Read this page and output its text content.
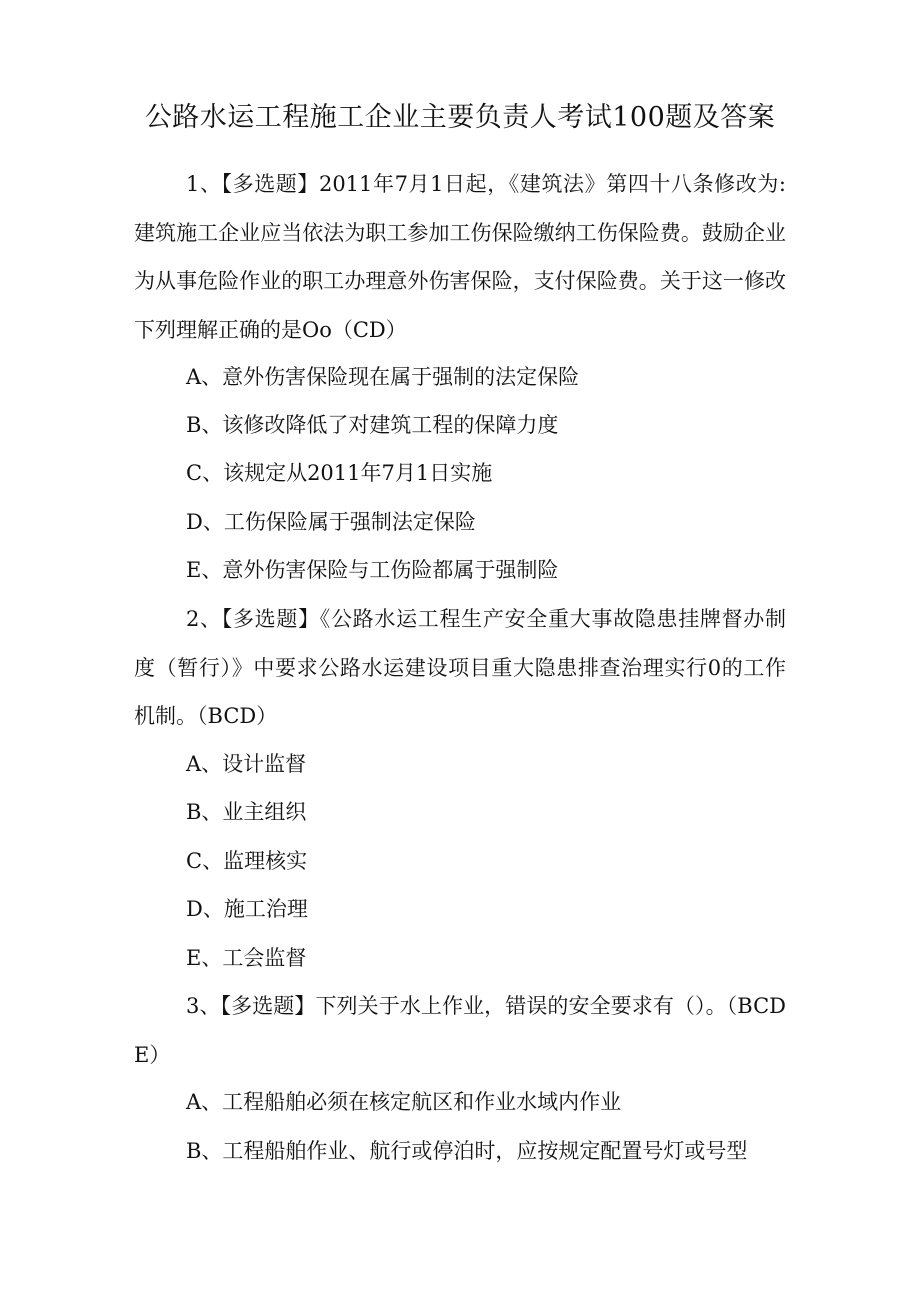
公路水运工程施工企业主要负责人考试100题及答案
1、【多选题】2011年7月1日起，《建筑法》第四十八条修改为:建筑施工企业应当依法为职工参加工伤保险缴纳工伤保险费。鼓励企业为从事危险作业的职工办理意外伤害保险，支付保险费。关于这一修改下列理解正确的是Oo（CD）
A、意外伤害保险现在属于强制的法定保险
B、该修改降低了对建筑工程的保障力度
C、该规定从2011年7月1日实施
D、工伤保险属于强制法定保险
E、意外伤害保险与工伤险都属于强制险
2、【多选题】《公路水运工程生产安全重大事故隐患挂牌督办制度（暂行）》中要求公路水运建设项目重大隐患排查治理实行0的工作机制。（BCD）
A、设计监督
B、业主组织
C、监理核实
D、施工治理
E、工会监督
3、【多选题】下列关于水上作业，错误的安全要求有（）。（BCDE）
A、工程船舶必须在核定航区和作业水域内作业
B、工程船舶作业、航行或停泊时，应按规定配置号灯或号型
